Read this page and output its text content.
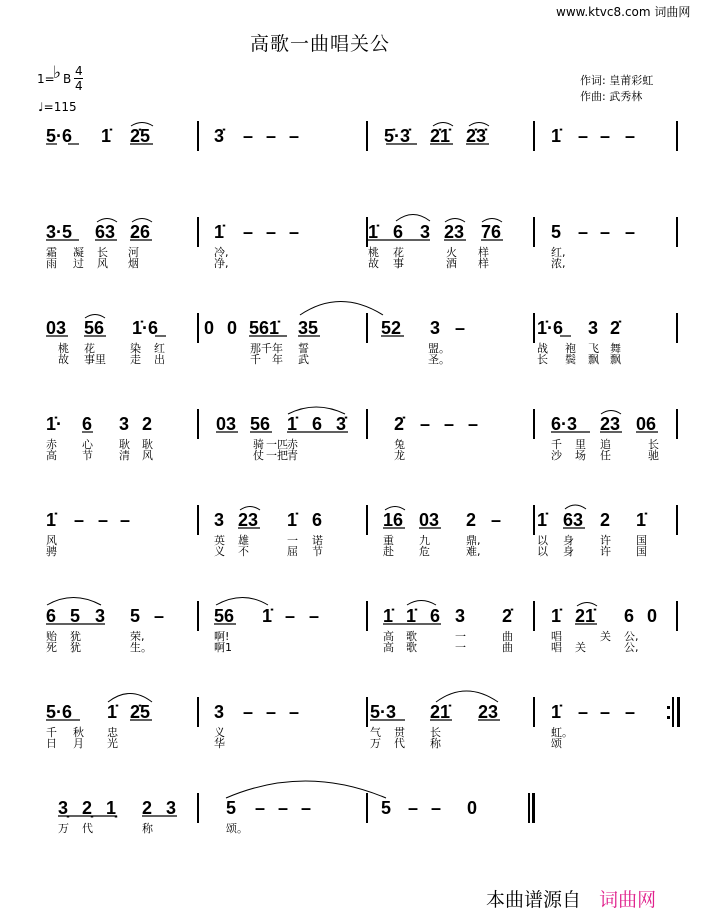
www.ktvc8.com 词曲网
高歌一曲唱关公
1=
♭ B
4
4
♩=115
作词: 皇莆彩虹
作曲: 武秀林
5·6 1̇ 2̇5	3̇ – – –	5̇·3̇ 2̇1̇ 2̇3̇	1̇ – – –
3·5 63 26	1̇ – – –	1̇ 6 3 23 76	5 – – –
霜 凝 长 河	冷,	桃 花	火 样	红,
雨 过 风 烟	净,	故 事	酒 样	浓,
03 56 1̇·6	0 0 561̇ 35	52 3 –	1̇·6 3 2̇
桃 花	染 红	那千年 誓	盟。	战 袍 飞 舞
故 事里 走 出	千 年 武	圣。	长 鬓 飘 飘
1̇· 6 3 2	03 56 1̇ 6 3̇	2̇ – – –	6·3 23 06
赤 心 耿 耿	骑 一匹 赤	兔	千 里 追	长
高 节 清 风	仗 一把 青	龙	沙 场 任	驰
1̇ – – –	3 23 1̇ 6	16 03 2 – 1̇ 63 2 1̇
风	英 雄	一 诺	重 九	鼎,	以 身 许 国
骋	义 不	屈 节	赴 危	难,	以 身 许 国
6 5 3 5 –	56 1̇ – –	1̇ 1̇ 6 3 2̇ 1̇ 21̇ 6 0
贻 犹	荣,	啊!	高 歌	一	曲	唱	关 公,
死 犹	生。	啊1	高 歌	一	曲	唱 关	公,
5·6 1̇ 2̇5	3 – – –	5·3 21̇ 23	1̇ – – –
千 秋 忠	义	气 贯 长	虹。
日 月 光	华	万 代 称	颂
3̣ 2̣ 1̣ 2 3	5 – – –	5 – – 0
万 代	称	颂。
本曲谱源自 词曲网
